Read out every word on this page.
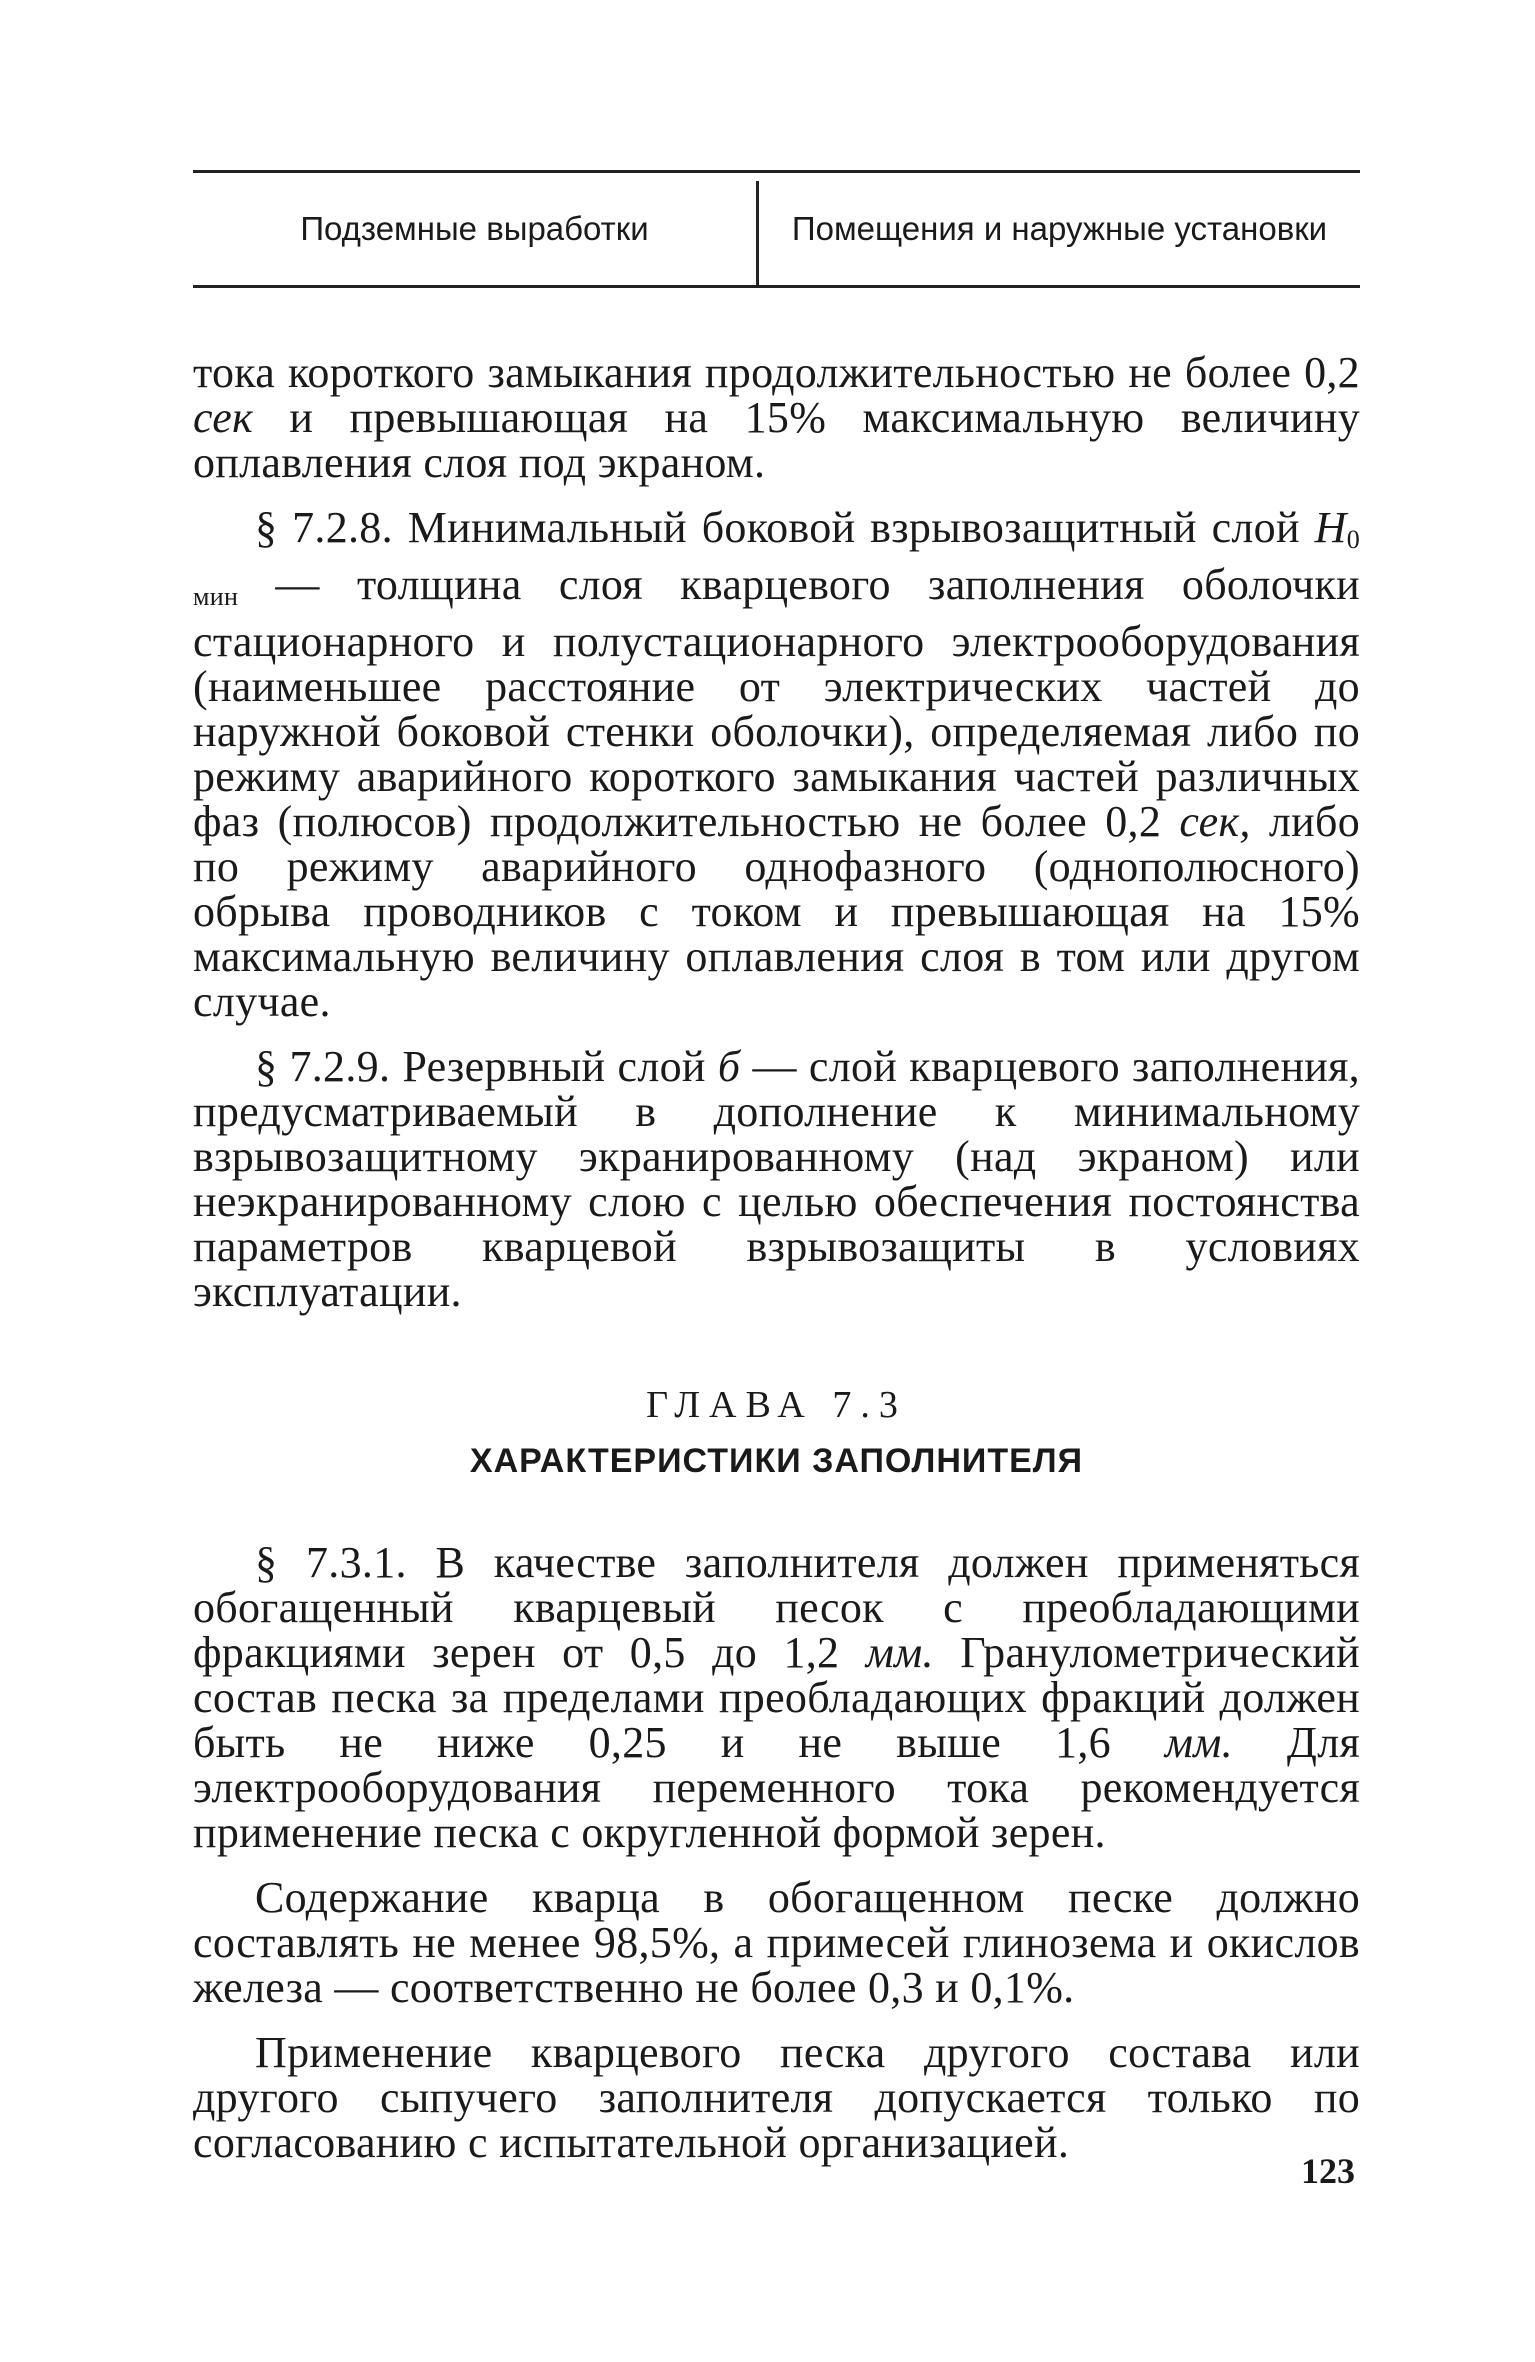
Подземные выработки	Помещения и наружные установки

тока короткого замыкания продолжительностью не более 0,2 сек и превышающая на 15% максимальную величину оплавления слоя под экраном.

§ 7.2.8. Минимальный боковой взрывозащитный слой $H_{0 мин}$ — толщина слоя кварцевого заполнения оболочки стационарного и полустационарного электрооборудования (наименьшее расстояние от электрических частей до наружной боковой стенки оболочки), определяемая либо по режиму аварийного короткого замыкания частей различных фаз (полюсов) продолжительностью не более 0,2 сек, либо по режиму аварийного однофазного (однополюсного) обрыва проводников с током и превышающая на 15% максимальную величину оплавления слоя в том или другом случае.

§ 7.2.9. Резервный слой б — слой кварцевого заполнения, предусматриваемый в дополнение к минимальному взрывозащитному экранированному (над экраном) или неэкранированному слою с целью обеспечения постоянства параметров кварцевой взрывозащиты в условиях эксплуатации.

ГЛАВА 7.3
ХАРАКТЕРИСТИКИ ЗАПОЛНИТЕЛЯ

§ 7.3.1. В качестве заполнителя должен применяться обогащенный кварцевый песок с преобладающими фракциями зерен от 0,5 до 1,2 мм. Гранулометрический состав песка за пределами преобладающих фракций должен быть не ниже 0,25 и не выше 1,6 мм. Для электрооборудования переменного тока рекомендуется применение песка с округленной формой зерен.

Содержание кварца в обогащенном песке должно составлять не менее 98,5%, а примесей глинозема и окислов железа — соответственно не более 0,3 и 0,1%.

Применение кварцевого песка другого состава или другого сыпучего заполнителя допускается только по согласованию с испытательной организацией.

123
